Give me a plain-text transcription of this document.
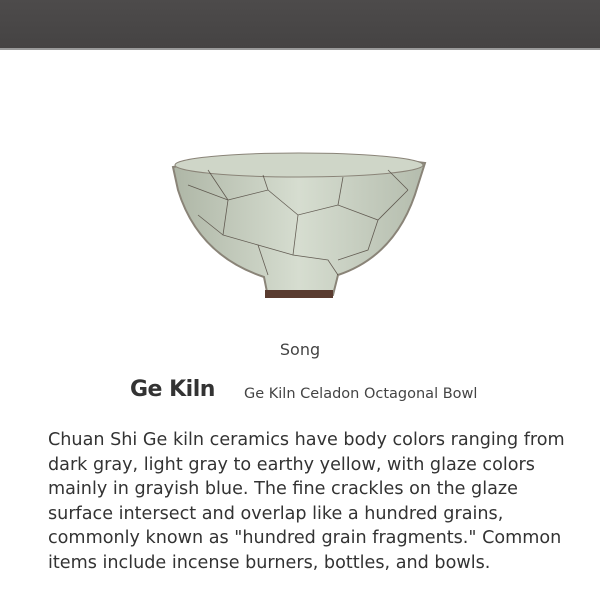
Song
Ge Kiln Ge Kiln Celadon Octagonal Bowl
Chuan Shi Ge kiln ceramics have body colors ranging from dark gray, light gray to earthy yellow, with glaze colors mainly in grayish blue. The fine crackles on the glaze surface intersect and overlap like a hundred grains, commonly known as "hundred grain fragments." Common items include incense burners, bottles, and bowls.
